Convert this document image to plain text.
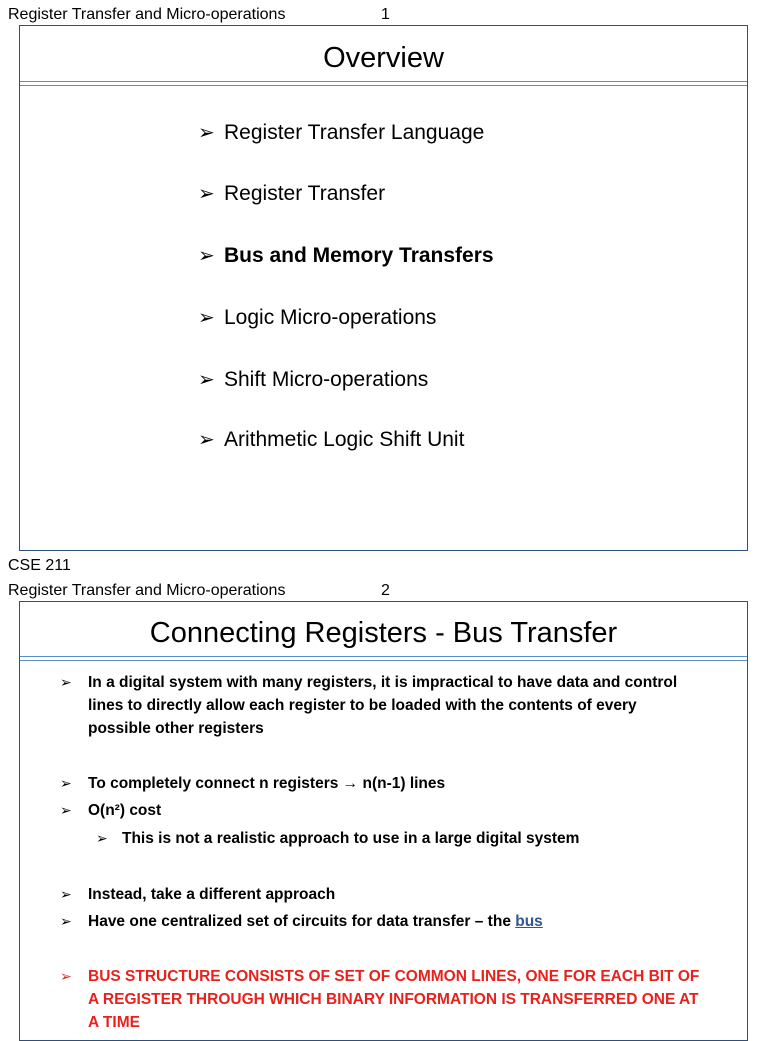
Register Transfer and Micro-operations	1
Overview
➢ Register Transfer Language
➢ Register Transfer
➢ Bus and Memory Transfers
➢ Logic Micro-operations
➢ Shift Micro-operations
➢ Arithmetic Logic Shift Unit
CSE 211
Register Transfer and Micro-operations	2
Connecting Registers - Bus Transfer
➢	In a digital system with many registers, it is impractical to have data and control lines to directly allow each register to be loaded with the contents of every possible other registers
➢	To completely connect n registers → n(n-1) lines
➢	O(n²) cost
➢ This is not a realistic approach to use in a large digital system
➢	Instead, take a different approach
➢	Have one centralized set of circuits for data transfer – the bus
➢	BUS STRUCTURE CONSISTS OF SET OF COMMON LINES, ONE FOR EACH BIT OF A REGISTER THROUGH WHICH BINARY INFORMATION IS TRANSFERRED ONE AT A TIME
